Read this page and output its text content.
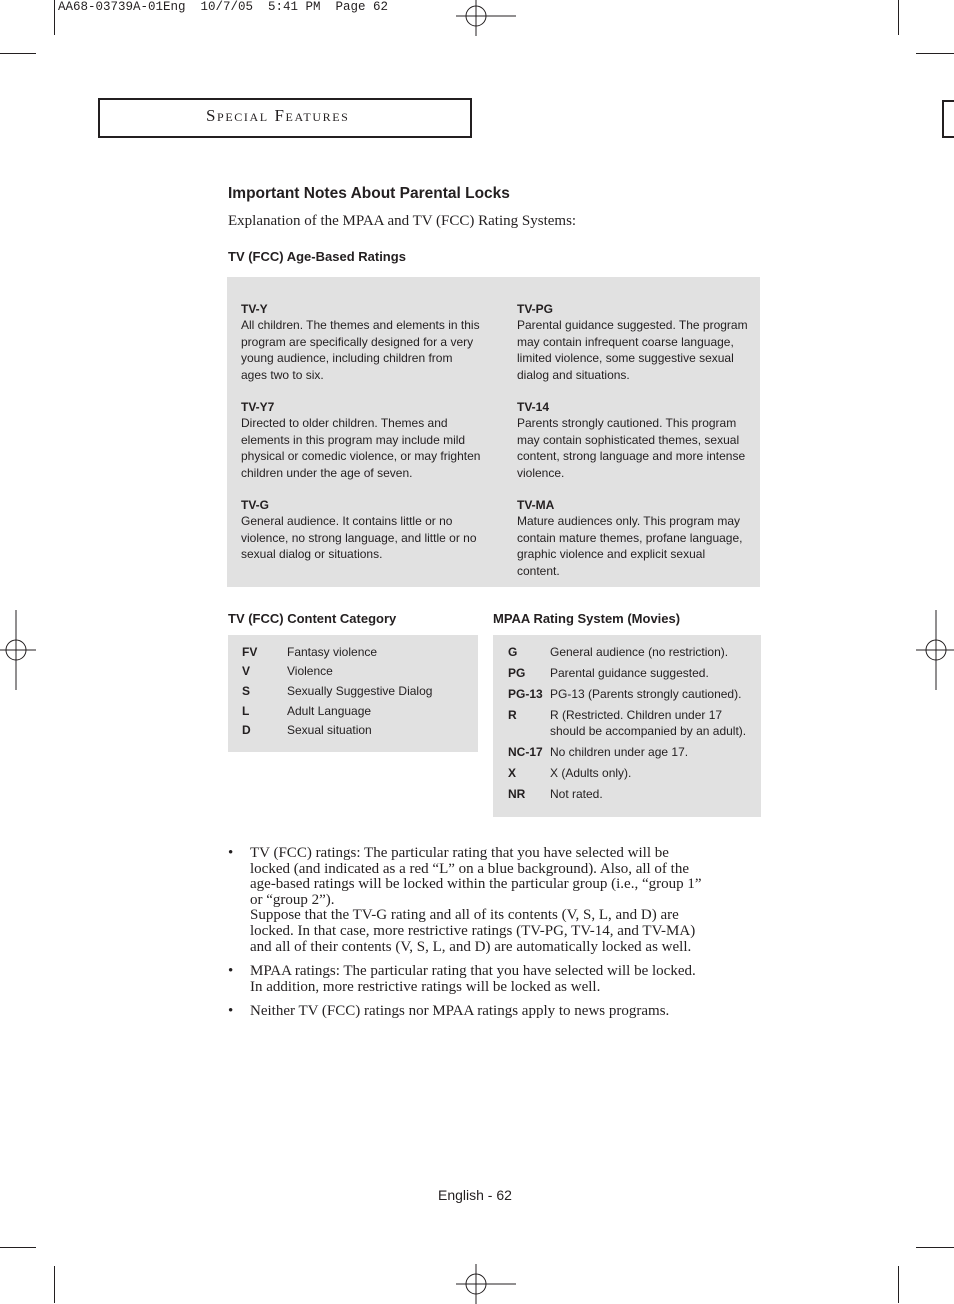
AA68-03739A-01Eng  10/7/05  5:41 PM  Page 62
Special Features
Important Notes About Parental Locks
Explanation of the MPAA and TV (FCC) Rating Systems:
TV (FCC) Age-Based Ratings
TV-Y
All children. The themes and elements in this program are specifically designed for a very young audience, including children from ages two to six.
TV-Y7
Directed to older children. Themes and elements in this program may include mild physical or comedic violence, or may frighten children under the age of seven.
TV-G
General audience. It contains little or no violence, no strong language, and little or no sexual dialog or situations.
TV-PG
Parental guidance suggested. The program may contain infrequent coarse language, limited violence, some suggestive sexual dialog and situations.
TV-14
Parents strongly cautioned. This program may contain sophisticated themes, sexual content, strong language and more intense violence.
TV-MA
Mature audiences only. This program may contain mature themes, profane language, graphic violence and explicit sexual content.
TV (FCC) Content Category
FV Fantasy violence
V	Violence
S	Sexually Suggestive Dialog
L	Adult Language
D	Sexual situation
MPAA Rating System (Movies)
G	General audience (no restriction).
PG Parental guidance suggested.
PG-13 PG-13 (Parents strongly cautioned).
R	R (Restricted. Children under 17
should be accompanied by an adult).
NC-17 No children under age 17.
X	X (Adults only).
NR Not rated.
• TV (FCC) ratings: The particular rating that you have selected will be
locked (and indicated as a red “L” on a blue background). Also, all of the
age-based ratings will be locked within the particular group (i.e., “group 1”
or “group 2”).
Suppose that the TV-G rating and all of its contents (V, S, L, and D) are
locked. In that case, more restrictive ratings (TV-PG, TV-14, and TV-MA)
and all of their contents (V, S, L, and D) are automatically locked as well.
• MPAA ratings: The particular rating that you have selected will be locked.
In addition, more restrictive ratings will be locked as well.
• Neither TV (FCC) ratings nor MPAA ratings apply to news programs.
English - 62
